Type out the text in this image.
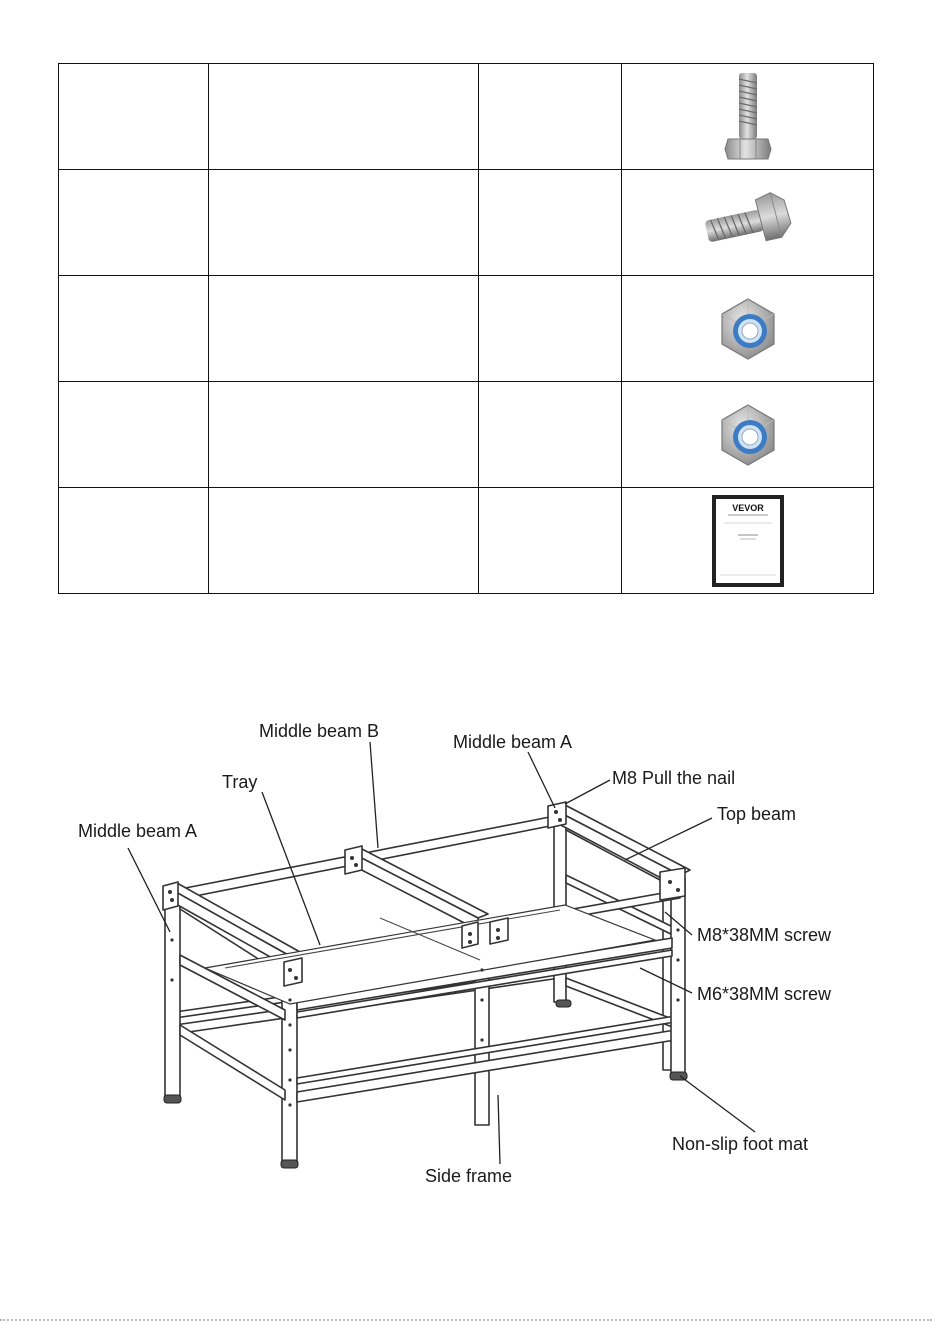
VEVOR
Middle beam B
Middle beam A
M8 Pull the nail
Tray
Top beam
Middle beam A
M8*38MM screw
M6*38MM screw
Non-slip foot mat
Side frame
